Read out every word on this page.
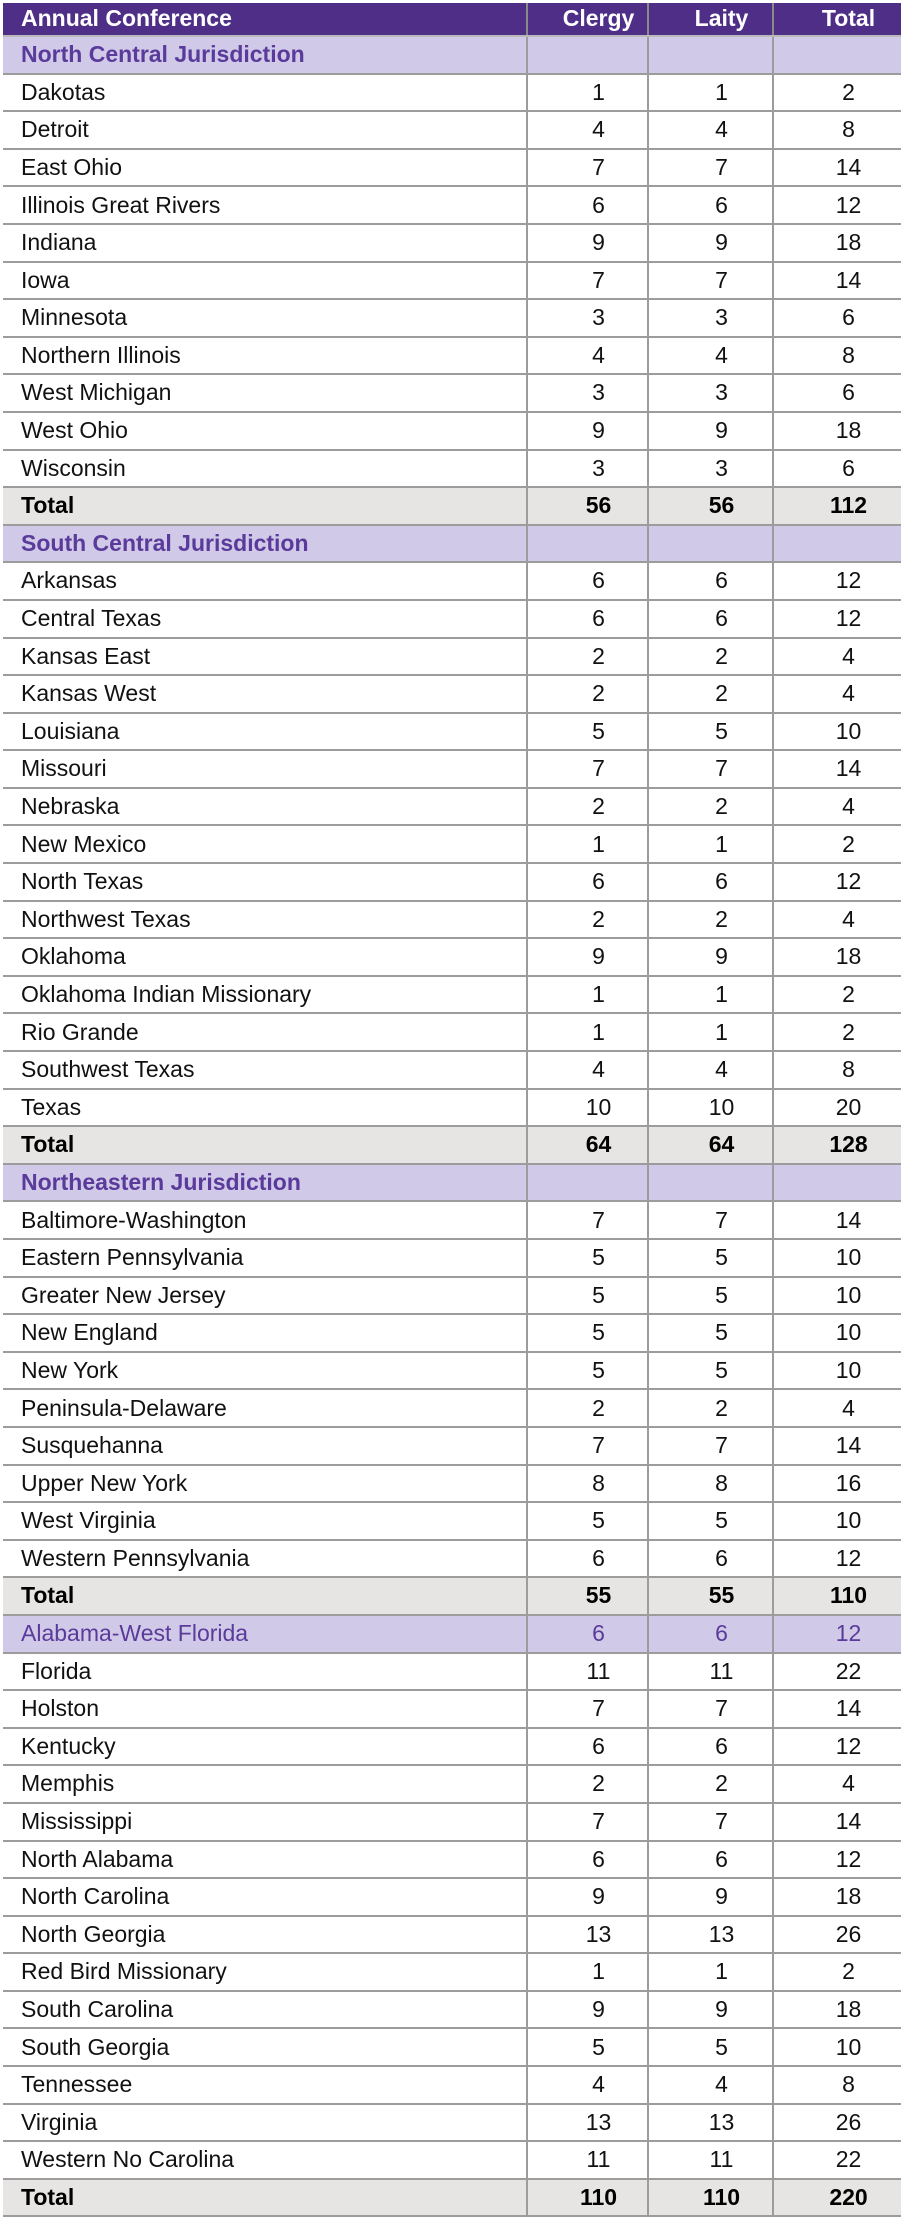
Annual Conference	Clergy	Laity	Total
North Central Jurisdiction			
Dakotas	1	1	2
Detroit	4	4	8
East Ohio	7	7	14
Illinois Great Rivers	6	6	12
Indiana	9	9	18
Iowa	7	7	14
Minnesota	3	3	6
Northern Illinois	4	4	8
West Michigan	3	3	6
West Ohio	9	9	18
Wisconsin	3	3	6
Total	56	56	112
South Central Jurisdiction			
Arkansas	6	6	12
Central Texas	6	6	12
Kansas East	2	2	4
Kansas West	2	2	4
Louisiana	5	5	10
Missouri	7	7	14
Nebraska	2	2	4
New Mexico	1	1	2
North Texas	6	6	12
Northwest Texas	2	2	4
Oklahoma	9	9	18
Oklahoma Indian Missionary	1	1	2
Rio Grande	1	1	2
Southwest Texas	4	4	8
Texas	10	10	20
Total	64	64	128
Northeastern Jurisdiction			
Baltimore-Washington	7	7	14
Eastern Pennsylvania	5	5	10
Greater New Jersey	5	5	10
New England	5	5	10
New York	5	5	10
Peninsula-Delaware	2	2	4
Susquehanna	7	7	14
Upper New York	8	8	16
West Virginia	5	5	10
Western Pennsylvania	6	6	12
Total	55	55	110
Alabama-West Florida	6	6	12
Florida	11	11	22
Holston	7	7	14
Kentucky	6	6	12
Memphis	2	2	4
Mississippi	7	7	14
North Alabama	6	6	12
North Carolina	9	9	18
North Georgia	13	13	26
Red Bird Missionary	1	1	2
South Carolina	9	9	18
South Georgia	5	5	10
Tennessee	4	4	8
Virginia	13	13	26
Western No Carolina	11	11	22
Total	110	110	220
